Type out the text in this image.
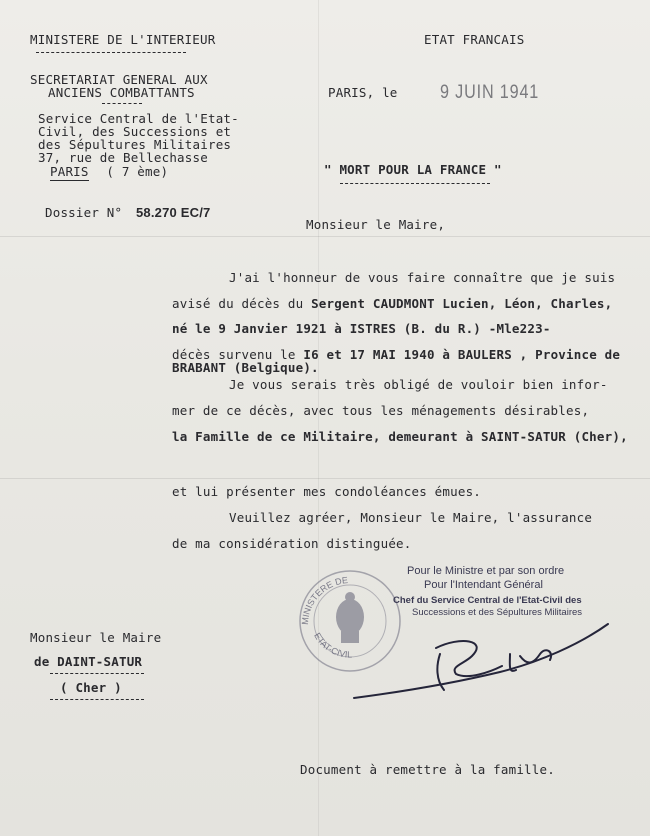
MINISTERE DE L'INTERIEUR
SECRETARIAT GENERAL AUX
ANCIENS COMBATTANTS
Service Central de l'Etat-
Civil, des Successions et
des Sépultures Militaires
37, rue de Bellechasse
PARIS ( 7 ème)
ETAT FRANCAIS
PARIS, le 9 JUIN 1941
Dossier N° 58.270 EC/7
" MORT POUR LA FRANCE "
Monsieur le Maire,
J'ai l'honneur de vous faire connaître que je suis
avisé du décès du Sergent CAUDMONT Lucien, Léon, Charles,
né le 9 Janvier 1921 à ISTRES (B. du R.) -Mle223-
décès survenu le I6 et 17 MAI 1940 à BAULERS , Province de
BRABANT (Belgique).
Je vous serais très obligé de vouloir bien infor-
mer de ce décès, avec tous les ménagements désirables,
la Famille de ce Militaire, demeurant à SAINT-SATUR (Cher),
et lui présenter mes condoléances émues.
Veuillez agréer, Monsieur le Maire, l'assurance
de ma considération distinguée.
MINISTERE DE
ETAT-CIVIL
Pour le Ministre et par son ordre
Pour l'Intendant Général
Chef du Service Central de l'Etat-Civil des
Successions et des Sépultures Militaires
Monsieur le Maire
de DAINT-SATUR
( Cher )
Document à remettre à la famille.
